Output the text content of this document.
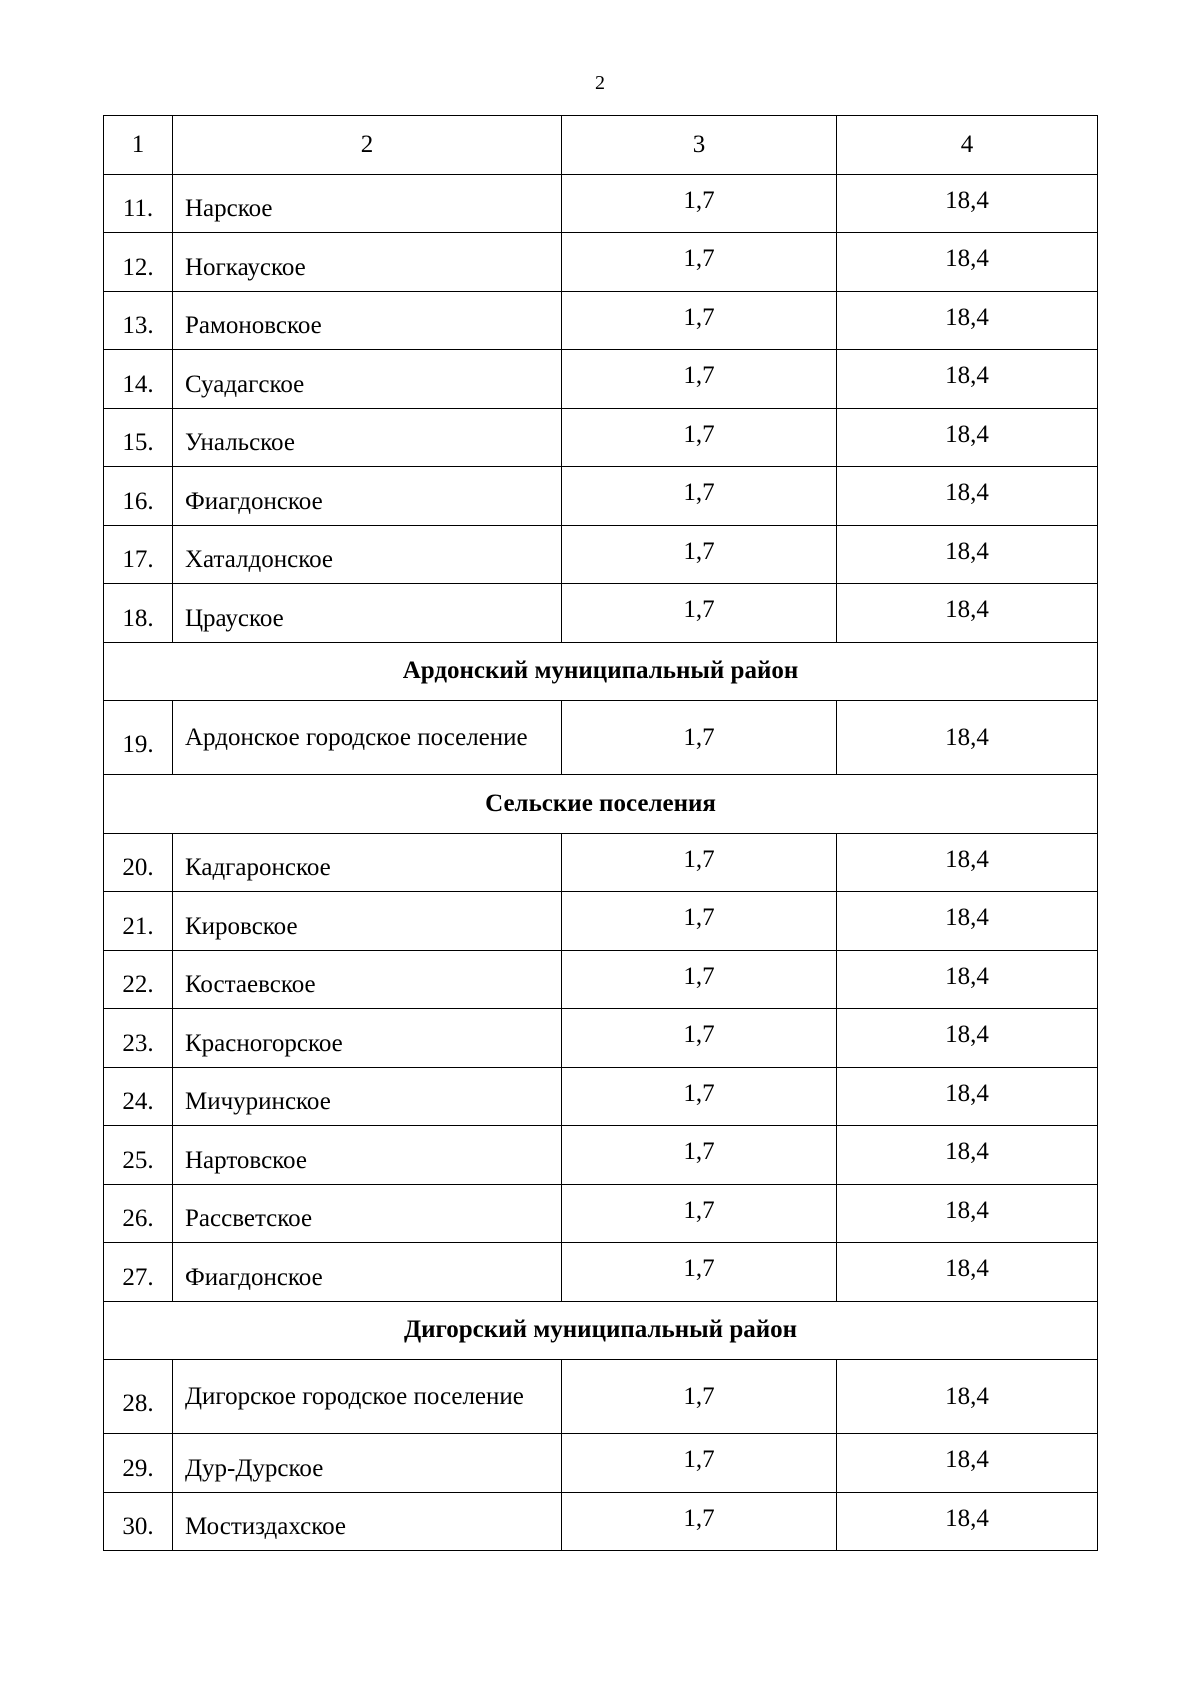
2
1	2	3	4
11.	Нарское	1,7	18,4
12.	Ногкауское	1,7	18,4
13.	Рамоновское	1,7	18,4
14.	Суадагское	1,7	18,4
15.	Унальское	1,7	18,4
16.	Фиагдонское	1,7	18,4
17.	Хаталдонское	1,7	18,4
18.	Црауское	1,7	18,4
Ардонский муниципальный район			
19.	Ардонское городское поселение	1,7	18,4
Сельские поселения			
20.	Кадгаронское	1,7	18,4
21.	Кировское	1,7	18,4
22.	Костаевское	1,7	18,4
23.	Красногорское	1,7	18,4
24.	Мичуринское	1,7	18,4
25.	Нартовское	1,7	18,4
26.	Рассветское	1,7	18,4
27.	Фиагдонское	1,7	18,4
Дигорский муниципальный район			
28.	Дигорское городское поселение	1,7	18,4
29.	Дур-Дурское	1,7	18,4
30.	Мостиздахское	1,7	18,4
